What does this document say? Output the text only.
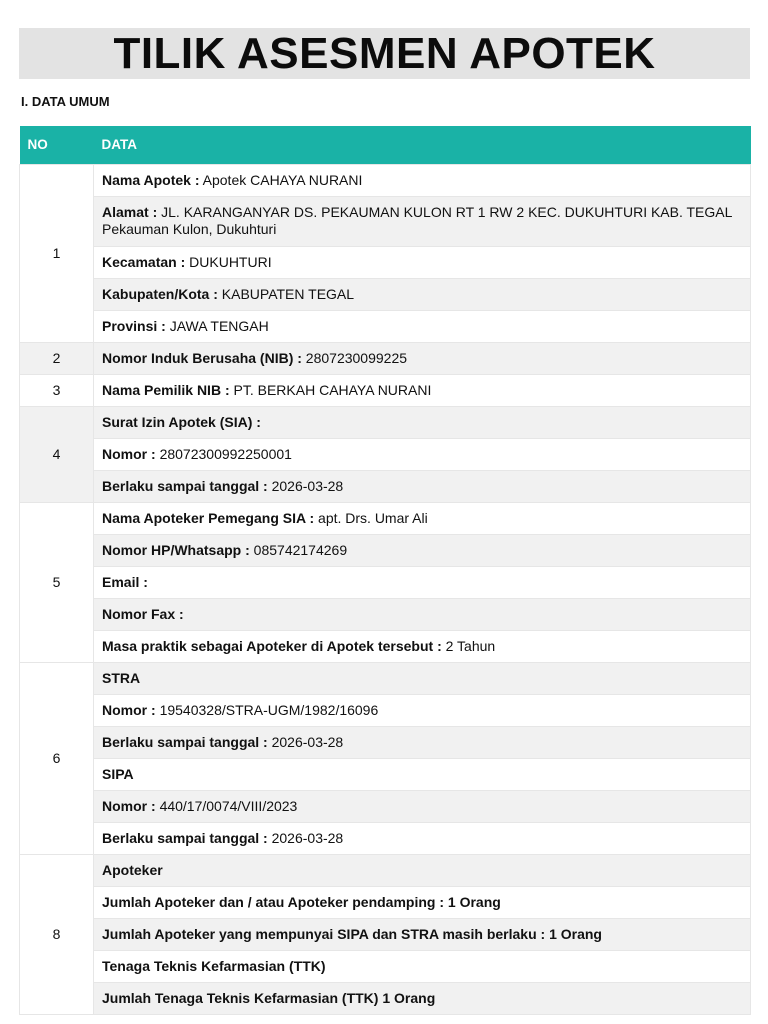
TILIK ASESMEN APOTEK
I. DATA UMUM
NO	DATA
1	Nama Apotek : Apotek CAHAYA NURANI
	Alamat : JL. KARANGANYAR DS. PEKAUMAN KULON RT 1 RW 2 KEC. DUKUHTURI KAB. TEGAL Pekauman Kulon, Dukuhturi
	Kecamatan : DUKUHTURI
	Kabupaten/Kota : KABUPATEN TEGAL
	Provinsi : JAWA TENGAH
2	Nomor Induk Berusaha (NIB) : 2807230099225
3	Nama Pemilik NIB : PT. BERKAH CAHAYA NURANI
4	Surat Izin Apotek (SIA) :
	Nomor : 28072300992250001
	Berlaku sampai tanggal : 2026-03-28
5	Nama Apoteker Pemegang SIA : apt. Drs. Umar Ali
	Nomor HP/Whatsapp : 085742174269
	Email :
	Nomor Fax :
	Masa praktik sebagai Apoteker di Apotek tersebut : 2 Tahun
6	STRA
	Nomor : 19540328/STRA-UGM/1982/16096
	Berlaku sampai tanggal : 2026-03-28
	SIPA
	Nomor : 440/17/0074/VIII/2023
	Berlaku sampai tanggal : 2026-03-28
8	Apoteker
	Jumlah Apoteker dan / atau Apoteker pendamping : 1 Orang
	Jumlah Apoteker yang mempunyai SIPA dan STRA masih berlaku : 1 Orang
	Tenaga Teknis Kefarmasian (TTK)
	Jumlah Tenaga Teknis Kefarmasian (TTK) 1 Orang
